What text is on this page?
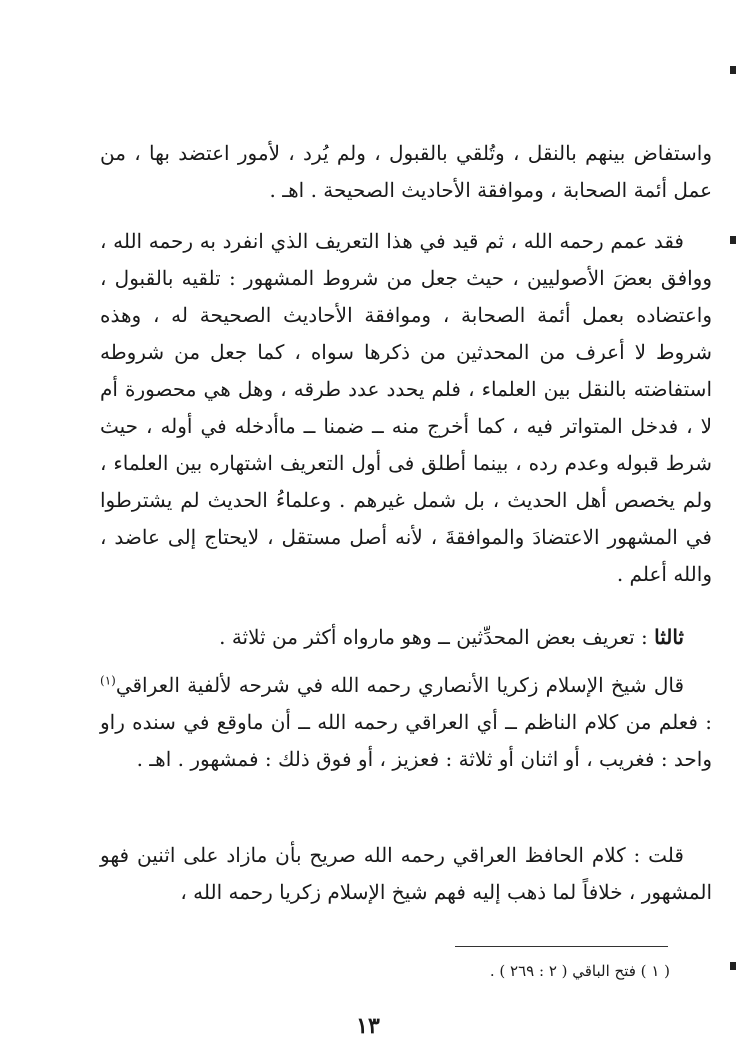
واستفاض بينهم بالنقل ، وتُلقي بالقبول ، ولم يُرد ، لأمور اعتضد بها ، من عمل أئمة الصحابة ، وموافقة الأحاديث الصحيحة . اهـ .

فقد عمم رحمه الله ، ثم قيد في هذا التعريف الذي انفرد به رحمه الله ، ووافق بعضَ الأصوليين ، حيث جعل من شروط المشهور : تلقيه بالقبول ، واعتضاده بعمل أئمة الصحابة ، وموافقة الأحاديث الصحيحة له ، وهذه شروط لا أعرف من المحدثين من ذكرها سواه ، كما جعل من شروطه استفاضته بالنقل بين العلماء ، فلم يحدد عدد طرقه ، وهل هي محصورة أم لا ، فدخل المتواتر فيه ، كما أخرج منه ــ ضمنا ــ ماأدخله في أوله ، حيث شرط قبوله وعدم رده ، بينما أطلق فى أول التعريف اشتهاره بين العلماء ، ولم يخصص أهل الحديث ، بل شمل غيرهم . وعلماءُ الحديث لم يشترطوا في المشهور الاعتضادَ والموافقةَ ، لأنه أصل مستقل ، لايحتاج إلى عاضد ، والله أعلم .

ثالثا : تعريف بعض المحدِّثين ــ وهو مارواه أكثر من ثلاثة .

قال شيخ الإسلام زكريا الأنصاري رحمه الله في شرحه لألفية العراقي$^{(١)}$ : فعلم من كلام الناظم ــ أي العراقي رحمه الله ــ أن ماوقع في سنده راو واحد : فغريب ، أو اثنان أو ثلاثة : فعزيز ، أو فوق ذلك : فمشهور . اهـ .

قلت : كلام الحافظ العراقي رحمه الله صريح بأن مازاد على اثنين فهو المشهور ، خلافاً لما ذهب إليه فهم شيخ الإسلام زكريا رحمه الله ،

( ١ ) فتح الباقي ( ٢ : ٢٦٩ ) .
١٣
